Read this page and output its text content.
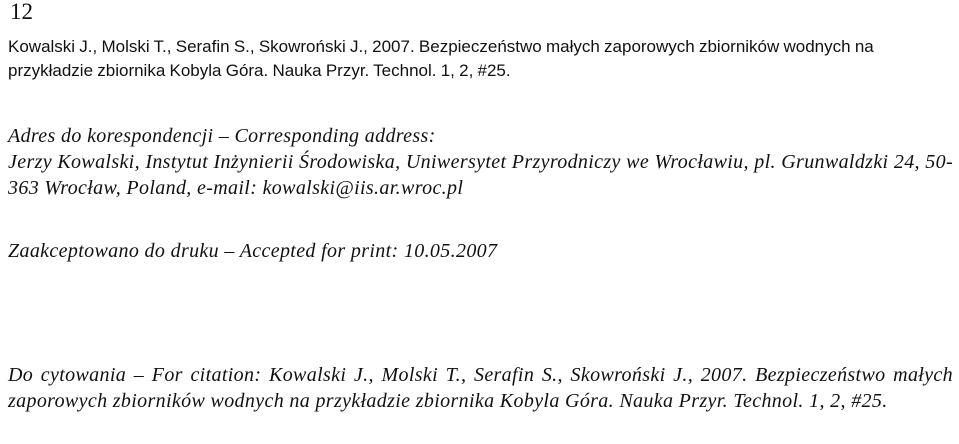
12
Kowalski J., Molski T., Serafin S., Skowroński J., 2007. Bezpieczeństwo małych zaporowych zbiorników wodnych na przykładzie zbiornika Kobyla Góra. Nauka Przyr. Technol. 1, 2, #25.
Adres do korespondencji – Corresponding address:
Jerzy Kowalski, Instytut Inżynierii Środowiska, Uniwersytet Przyrodniczy we Wrocławiu, pl. Grunwaldzki 24, 50-363 Wrocław, Poland, e-mail: kowalski@iis.ar.wroc.pl
Zaakceptowano do druku – Accepted for print: 10.05.2007
Do cytowania – For citation: Kowalski J., Molski T., Serafin S., Skowroński J., 2007. Bezpieczeństwo małych zaporowych zbiorników wodnych na przykładzie zbiornika Kobyla Góra. Nauka Przyr. Technol. 1, 2, #25.
